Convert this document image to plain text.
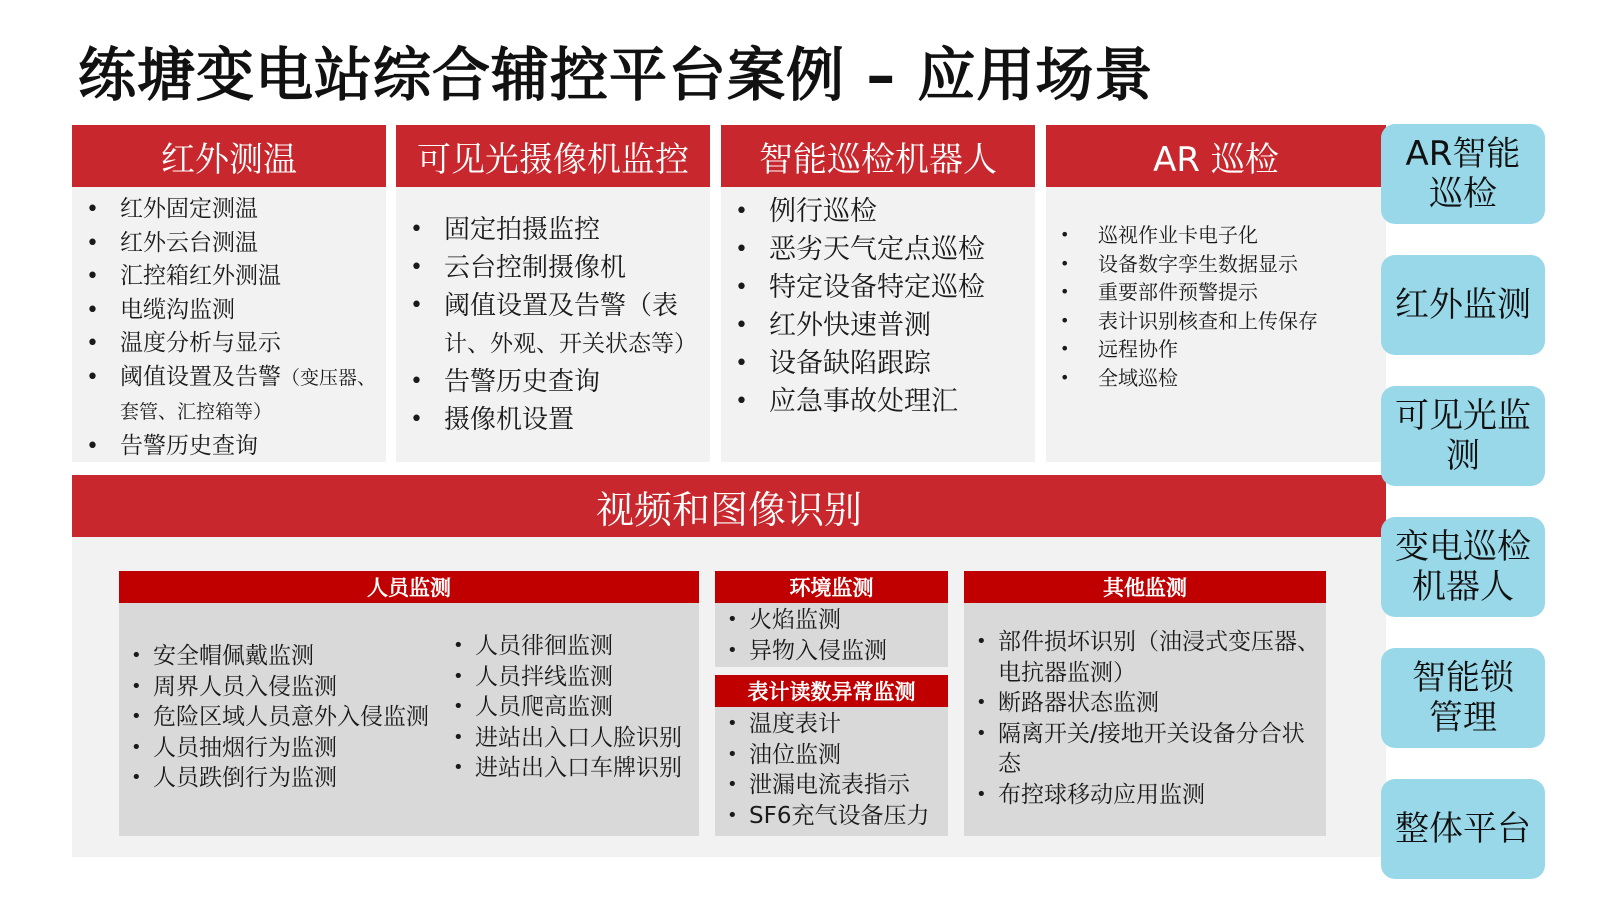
练塘变电站综合辅控平台案例 – 应用场景
红外测温
• 红外固定测温
• 红外云台测温
• 汇控箱红外测温
• 电缆沟监测
• 温度分析与显示
• 阈值设置及告警（变压器、
套管、汇控箱等）
• 告警历史查询
可见光摄像机监控
• 固定拍摄监控
• 云台控制摄像机
• 阈值设置及告警（表
计、外观、开关状态等）
• 告警历史查询
• 摄像机设置
智能巡检机器人
• 例行巡检
• 恶劣天气定点巡检
• 特定设备特定巡检
• 红外快速普测
• 设备缺陷跟踪
• 应急事故处理汇
AR 巡检
• 巡视作业卡电子化
• 设备数字孪生数据显示
• 重要部件预警提示
• 表计识别核查和上传保存
• 远程协作
• 全域巡检
视频和图像识别
人员监测
• 安全帽佩戴监测
• 周界人员入侵监测
• 危险区域人员意外入侵监测
• 人员抽烟行为监测
• 人员跌倒行为监测
• 人员徘徊监测
• 人员拌线监测
• 人员爬高监测
• 进站出入口人脸识别
• 进站出入口车牌识别
环境监测
• 火焰监测
• 异物入侵监测
表计读数异常监测
• 温度表计
• 油位监测
• 泄漏电流表指示
• SF6充气设备压力
其他监测
• 部件损坏识别（油浸式变压器、
电抗器监测）
• 断路器状态监测
• 隔离开关/接地开关设备分合状
态
• 布控球移动应用监测
AR智能
巡检
红外监测
可见光监
测
变电巡检
机器人
智能锁
管理
整体平台
